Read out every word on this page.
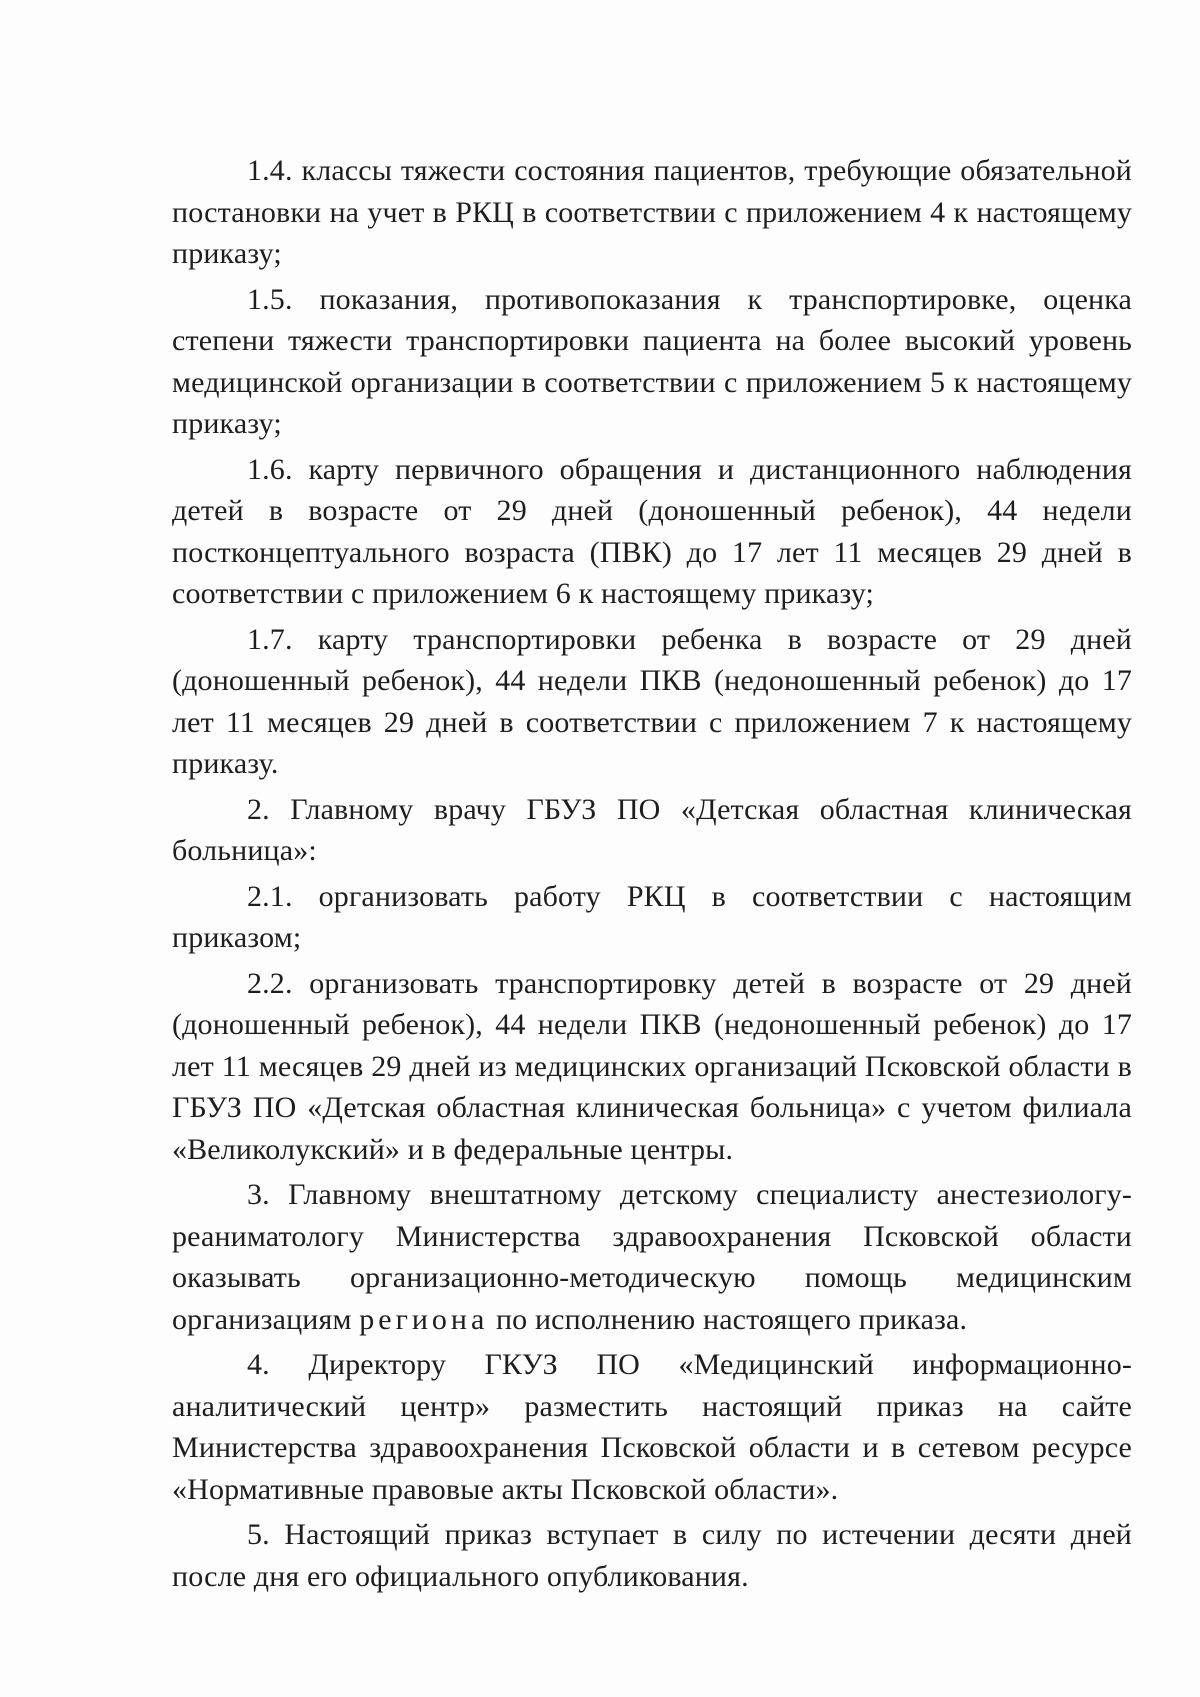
1.4. классы тяжести состояния пациентов, требующие обязательной постановки на учет в РКЦ в соответствии с приложением 4 к настоящему приказу;

1.5. показания, противопоказания к транспортировке, оценка степени тяжести транспортировки пациента на более высокий уровень медицинской организации в соответствии с приложением 5 к настоящему приказу;

1.6. карту первичного обращения и дистанционного наблюдения детей в возрасте от 29 дней (доношенный ребенок), 44 недели постконцептуального возраста (ПВК) до 17 лет 11 месяцев 29 дней в соответствии с приложением 6 к настоящему приказу;

1.7. карту транспортировки ребенка в возрасте от 29 дней (доношенный ребенок), 44 недели ПКВ (недоношенный ребенок) до 17 лет 11 месяцев 29 дней в соответствии с приложением 7 к настоящему приказу.

2. Главному врачу ГБУЗ ПО «Детская областная клиническая больница»:

2.1. организовать работу РКЦ в соответствии с настоящим приказом;

2.2. организовать транспортировку детей в возрасте от 29 дней (доношенный ребенок), 44 недели ПКВ (недоношенный ребенок) до 17 лет 11 месяцев 29 дней из медицинских организаций Псковской области в ГБУЗ ПО «Детская областная клиническая больница» с учетом филиала «Великолукский» и в федеральные центры.

3. Главному внештатному детскому специалисту анестезиологу-реаниматологу Министерства здравоохранения Псковской области оказывать организационно-методическую помощь медицинским организациям региона по исполнению настоящего приказа.

4. Директору ГКУЗ ПО «Медицинский информационно-аналитический центр» разместить настоящий приказ на сайте Министерства здравоохранения Псковской области и в сетевом ресурсе «Нормативные правовые акты Псковской области».

5. Настоящий приказ вступает в силу по истечении десяти дней после дня его официального опубликования.
